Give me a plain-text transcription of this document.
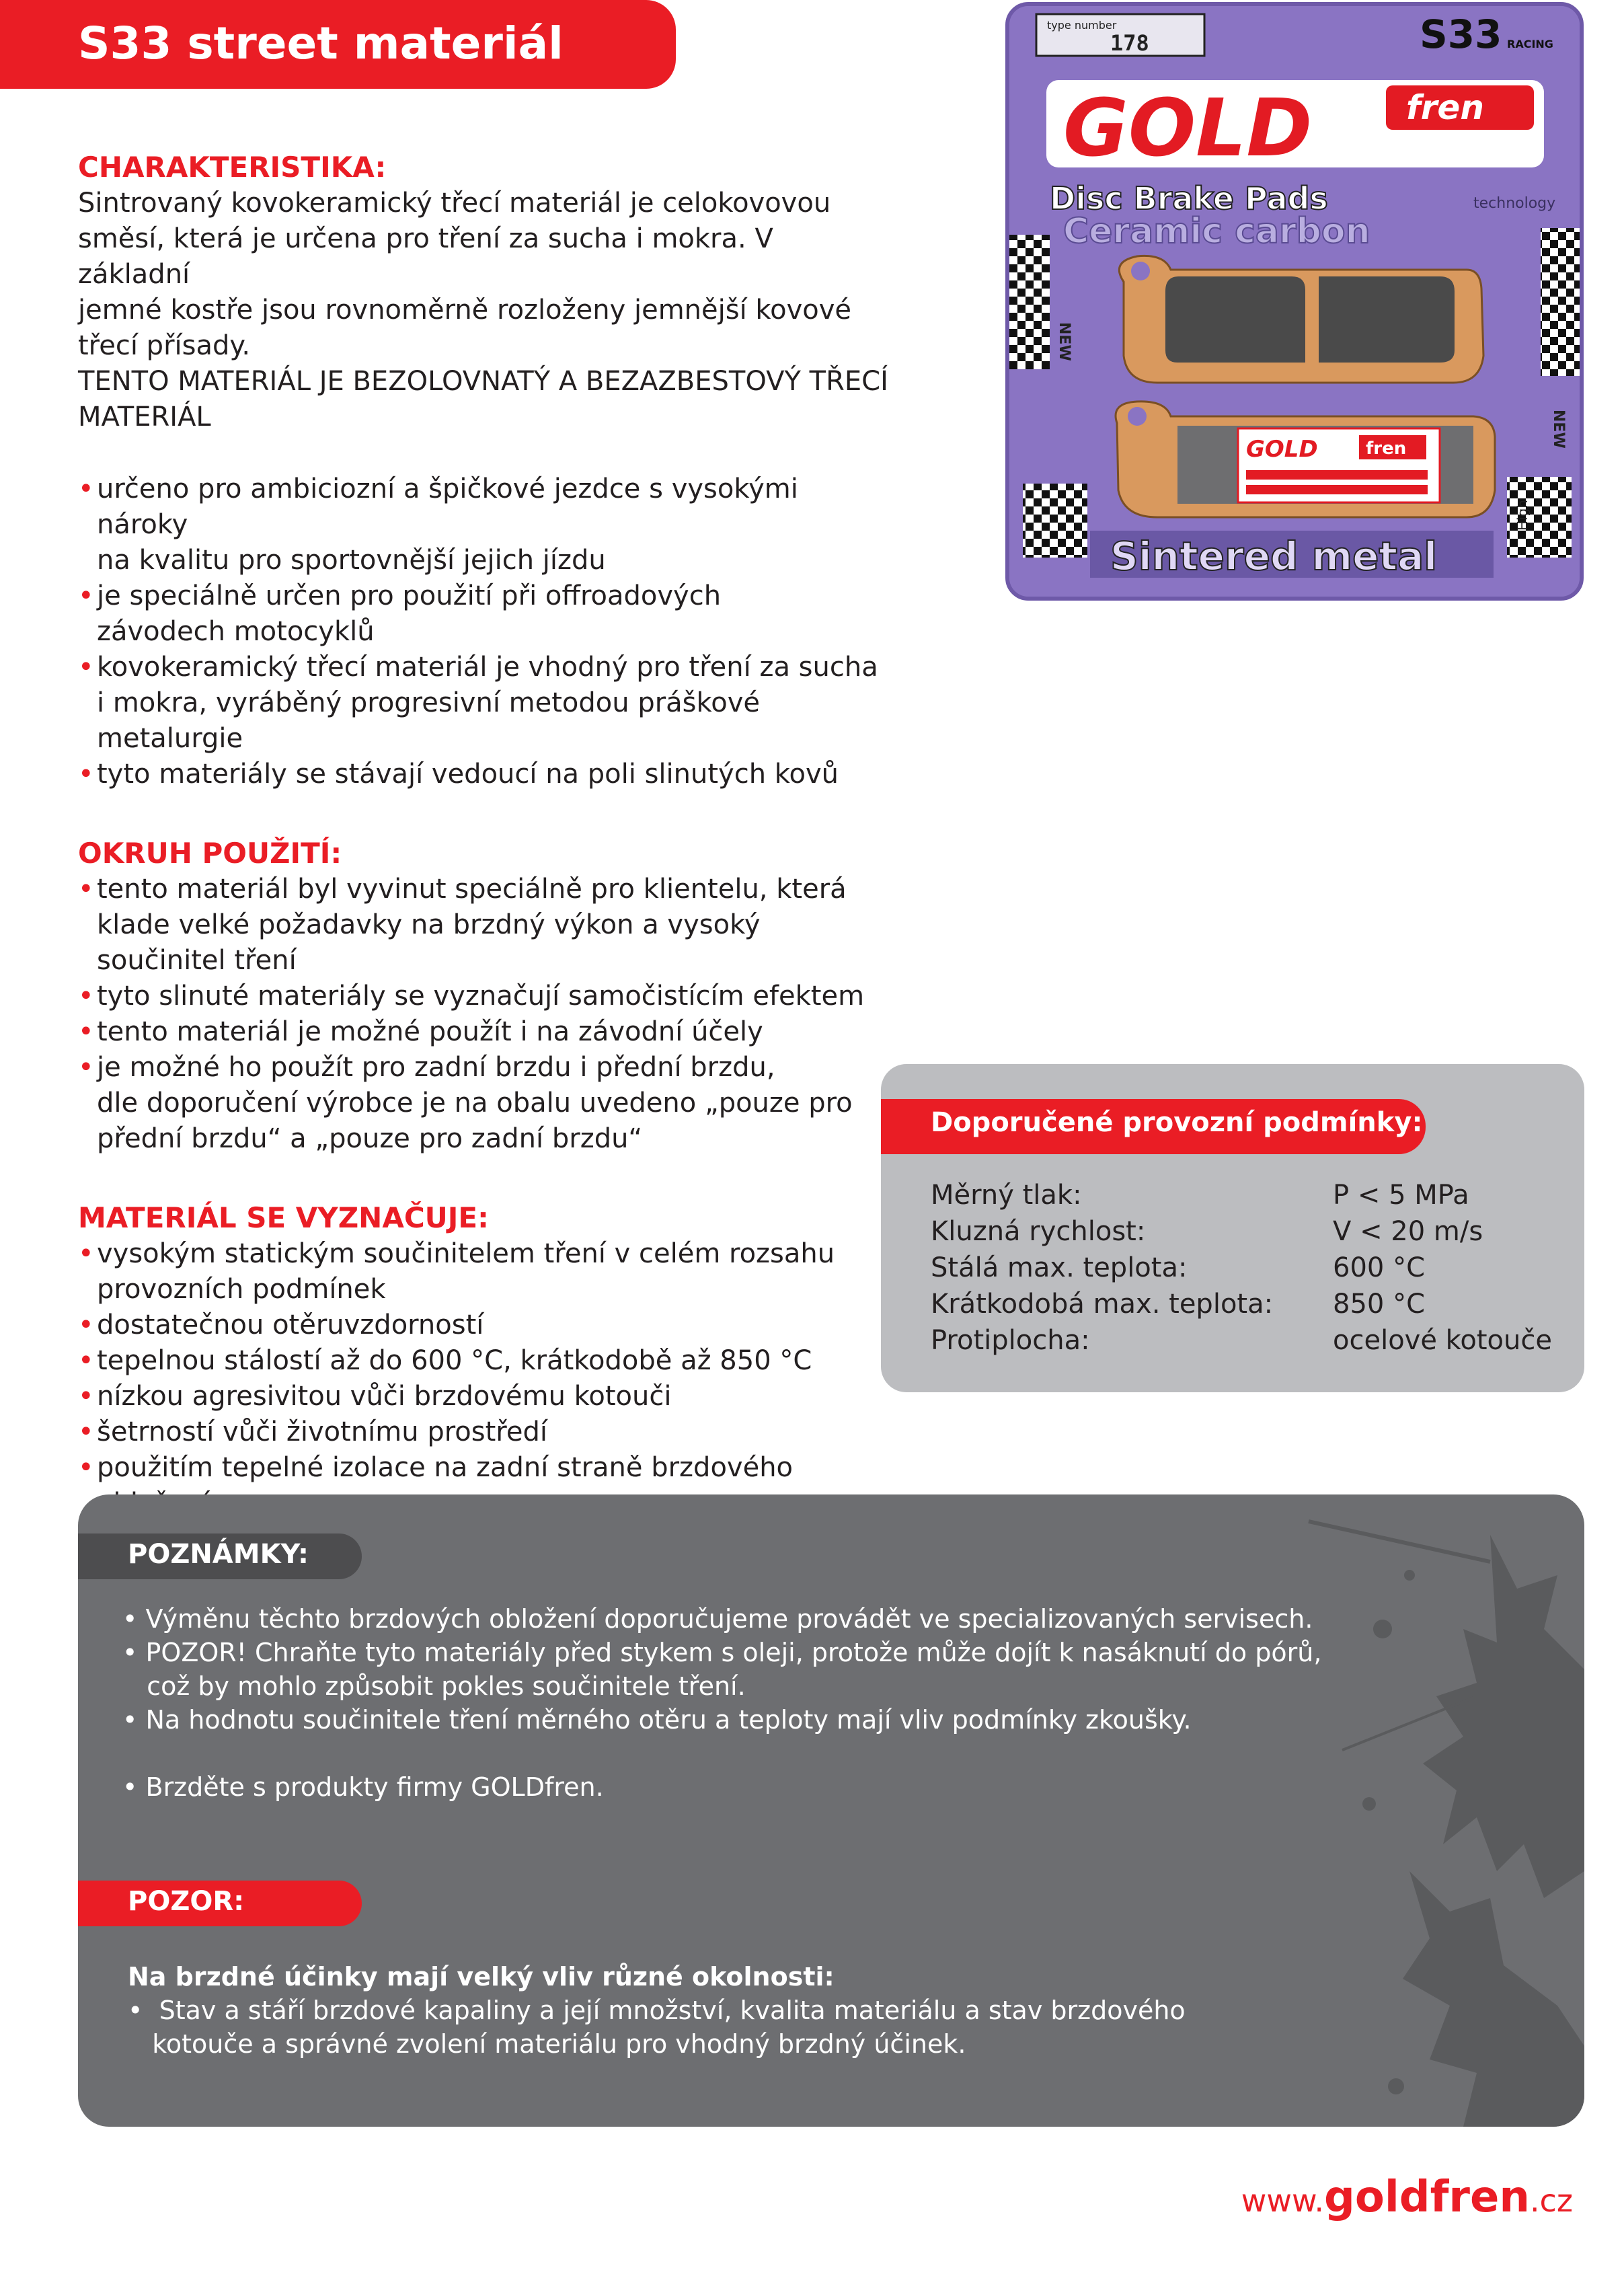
S33 street materiál
CHARAKTERISTIKA:

Sintrovaný kovokeramický třecí materiál je celokovovou

směsí, která je určena pro tření za sucha i mokra. V základní

jemné kostře jsou rovnoměrně rozloženy jemnější kovové

třecí přísady.

TENTO MATERIÁL JE BEZOLOVNATÝ A BEZAZBESTOVÝ TŘECÍ

MATERIÁL

• určeno pro ambiciozní a špičkové jezdce s vysokými nároky
na kvalitu pro sportovnější jejich jízdu
• je speciálně určen pro použití při offroadových
závodech motocyklů
• kovokeramický třecí materiál je vhodný pro tření za sucha
i mokra, vyráběný progresivní metodou práškové metalurgie
• tyto materiály se stávají vedoucí na poli slinutých kovů
OKRUH POUŽITÍ:
• tento materiál byl vyvinut speciálně pro klientelu, která
klade velké požadavky na brzdný výkon a vysoký
součinitel tření
• tyto slinuté materiály se vyznačují samočistícím efektem
• tento materiál je možné použít i na závodní účely
• je možné ho použít pro zadní brzdu i přední brzdu,
dle doporučení výrobce je na obalu uvedeno „pouze pro
přední brzdu“ a „pouze pro zadní brzdu“
MATERIÁL SE VYZNAČUJE:
• vysokým statickým součinitelem tření v celém rozsahu
provozních podmínek
• dostatečnou otěruvzdorností
• tepelnou stálostí až do 600 °C, krátkodobě až 850 °C
• nízkou agresivitou vůči brzdovému kotouči
• šetrností vůči životnímu prostředí
• použitím tepelné izolace na zadní straně brzdového
type number
178	S33 RACING
GOLD	fren
Disc Brake Pads
Ceramic carbon
technology
NEW
NEW
High
GOLD	fren
Sintered metal
Doporučené provozní podmínky:
Měrný tlak:	P < 5 MPa
Kluzná rychlost:	V < 20 m/s
Stálá max. teplota:	600 °C
Krátkodobá max. teplota: 850 °C
Protiplocha:	ocelové kotouče
POZNÁMKY:

• Výměnu těchto brzdových obložení doporučujeme provádět ve specializovaných servisech.

• POZOR! Chraňte tyto materiály před stykem s oleji, protože může dojít k nasáknutí do pórů,

což by mohlo způsobit pokles součinitele tření.

• Na hodnotu součinitele tření měrného otěru a teploty mají vliv podmínky zkoušky.

• Brzděte s produkty firmy GOLDfren.

POZOR:

Na brzdné účinky mají velký vliv různé okolnosti:

•  Stav a stáří brzdové kapaliny a její množství, kvalita materiálu a stav brzdového

kotouče a správné zvolení materiálu pro vhodný brzdný účinek.

www.goldfren.cz
